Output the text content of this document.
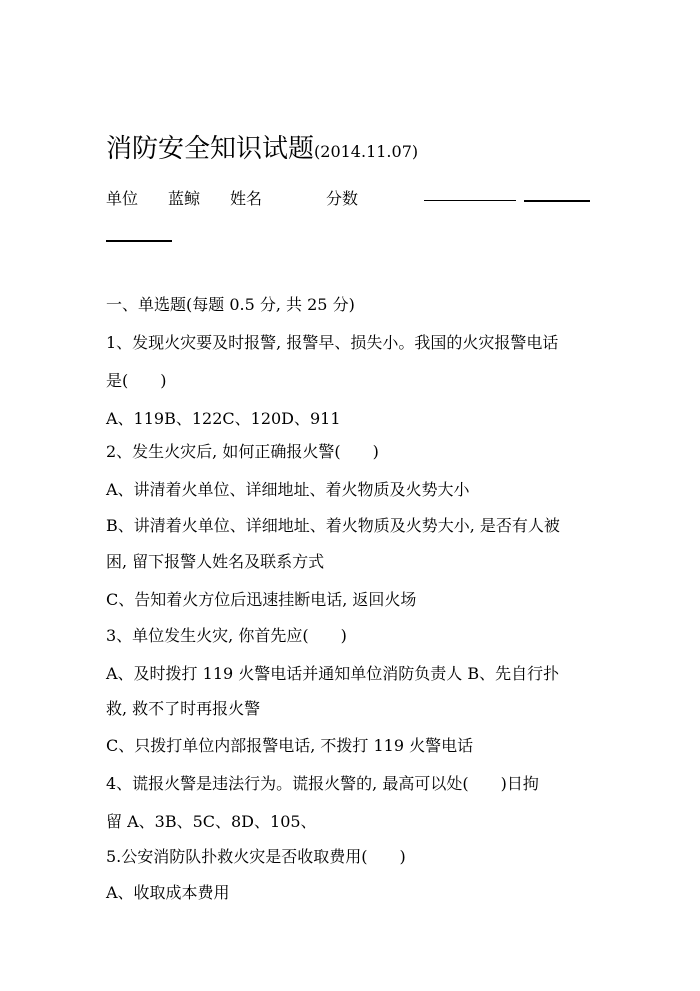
消防安全知识试题(2014.11.07)
单位 蓝鲸 姓名	分数
一、单选题(每题 0.5 分, 共 25 分)
1、发现火灾要及时报警, 报警早、损失小。我国的火灾报警电话
是(　　)
A、119B、122C、120D、911
2、发生火灾后, 如何正确报火警(　　)
A、讲清着火单位、详细地址、着火物质及火势大小
B、讲清着火单位、详细地址、着火物质及火势大小, 是否有人被
困, 留下报警人姓名及联系方式
C、告知着火方位后迅速挂断电话, 返回火场
3、单位发生火灾, 你首先应(　　)
A、及时拨打 119 火警电话并通知单位消防负责人 B、先自行扑
救, 救不了时再报火警
C、只拨打单位内部报警电话, 不拨打 119 火警电话
4、谎报火警是违法行为。谎报火警的, 最高可以处(　　)日拘
留 A、3B、5C、8D、105、
5.公安消防队扑救火灾是否收取费用(　　)
A、收取成本费用
